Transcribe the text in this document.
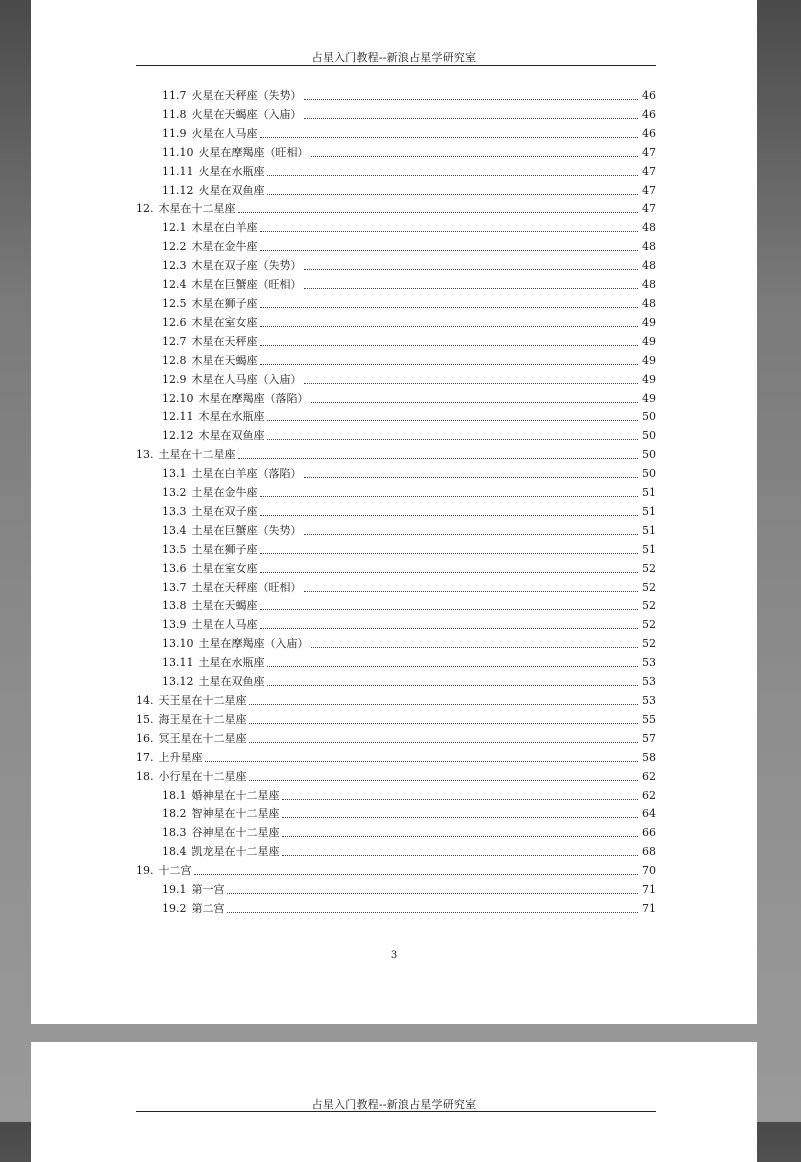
占星入门教程--新浪占星学研究室
11.7 火星在天秤座（失势）	46
11.8 火星在天蝎座（入庙）	46
11.9 火星在人马座	46
11.10 火星在摩羯座（旺相）	47
11.11 火星在水瓶座	47
11.12 火星在双鱼座	47
12. 木星在十二星座	47
12.1 木星在白羊座	48
12.2 木星在金牛座	48
12.3 木星在双子座（失势）	48
12.4 木星在巨蟹座（旺相）	48
12.5 木星在狮子座	48
12.6 木星在室女座	49
12.7 木星在天秤座	49
12.8 木星在天蝎座	49
12.9 木星在人马座（入庙）	49
12.10 木星在摩羯座（落陷）	49
12.11 木星在水瓶座	50
12.12 木星在双鱼座	50
13. 土星在十二星座	50
13.1 土星在白羊座（落陷）	50
13.2 土星在金牛座	51
13.3 土星在双子座	51
13.4 土星在巨蟹座（失势）	51
13.5 土星在狮子座	51
13.6 土星在室女座	52
13.7 土星在天秤座（旺相）	52
13.8 土星在天蝎座	52
13.9 土星在人马座	52
13.10 土星在摩羯座（入庙）	52
13.11 土星在水瓶座	53
13.12 土星在双鱼座	53
14. 天王星在十二星座	53
15. 海王星在十二星座	55
16. 冥王星在十二星座	57
17. 上升星座	58
18. 小行星在十二星座	62
18.1 婚神星在十二星座	62
18.2 智神星在十二星座	64
18.3 谷神星在十二星座	66
18.4 凯龙星在十二星座	68
19. 十二宫	70
19.1 第一宫	71
19.2 第二宫	71
3
占星入门教程--新浪占星学研究室
